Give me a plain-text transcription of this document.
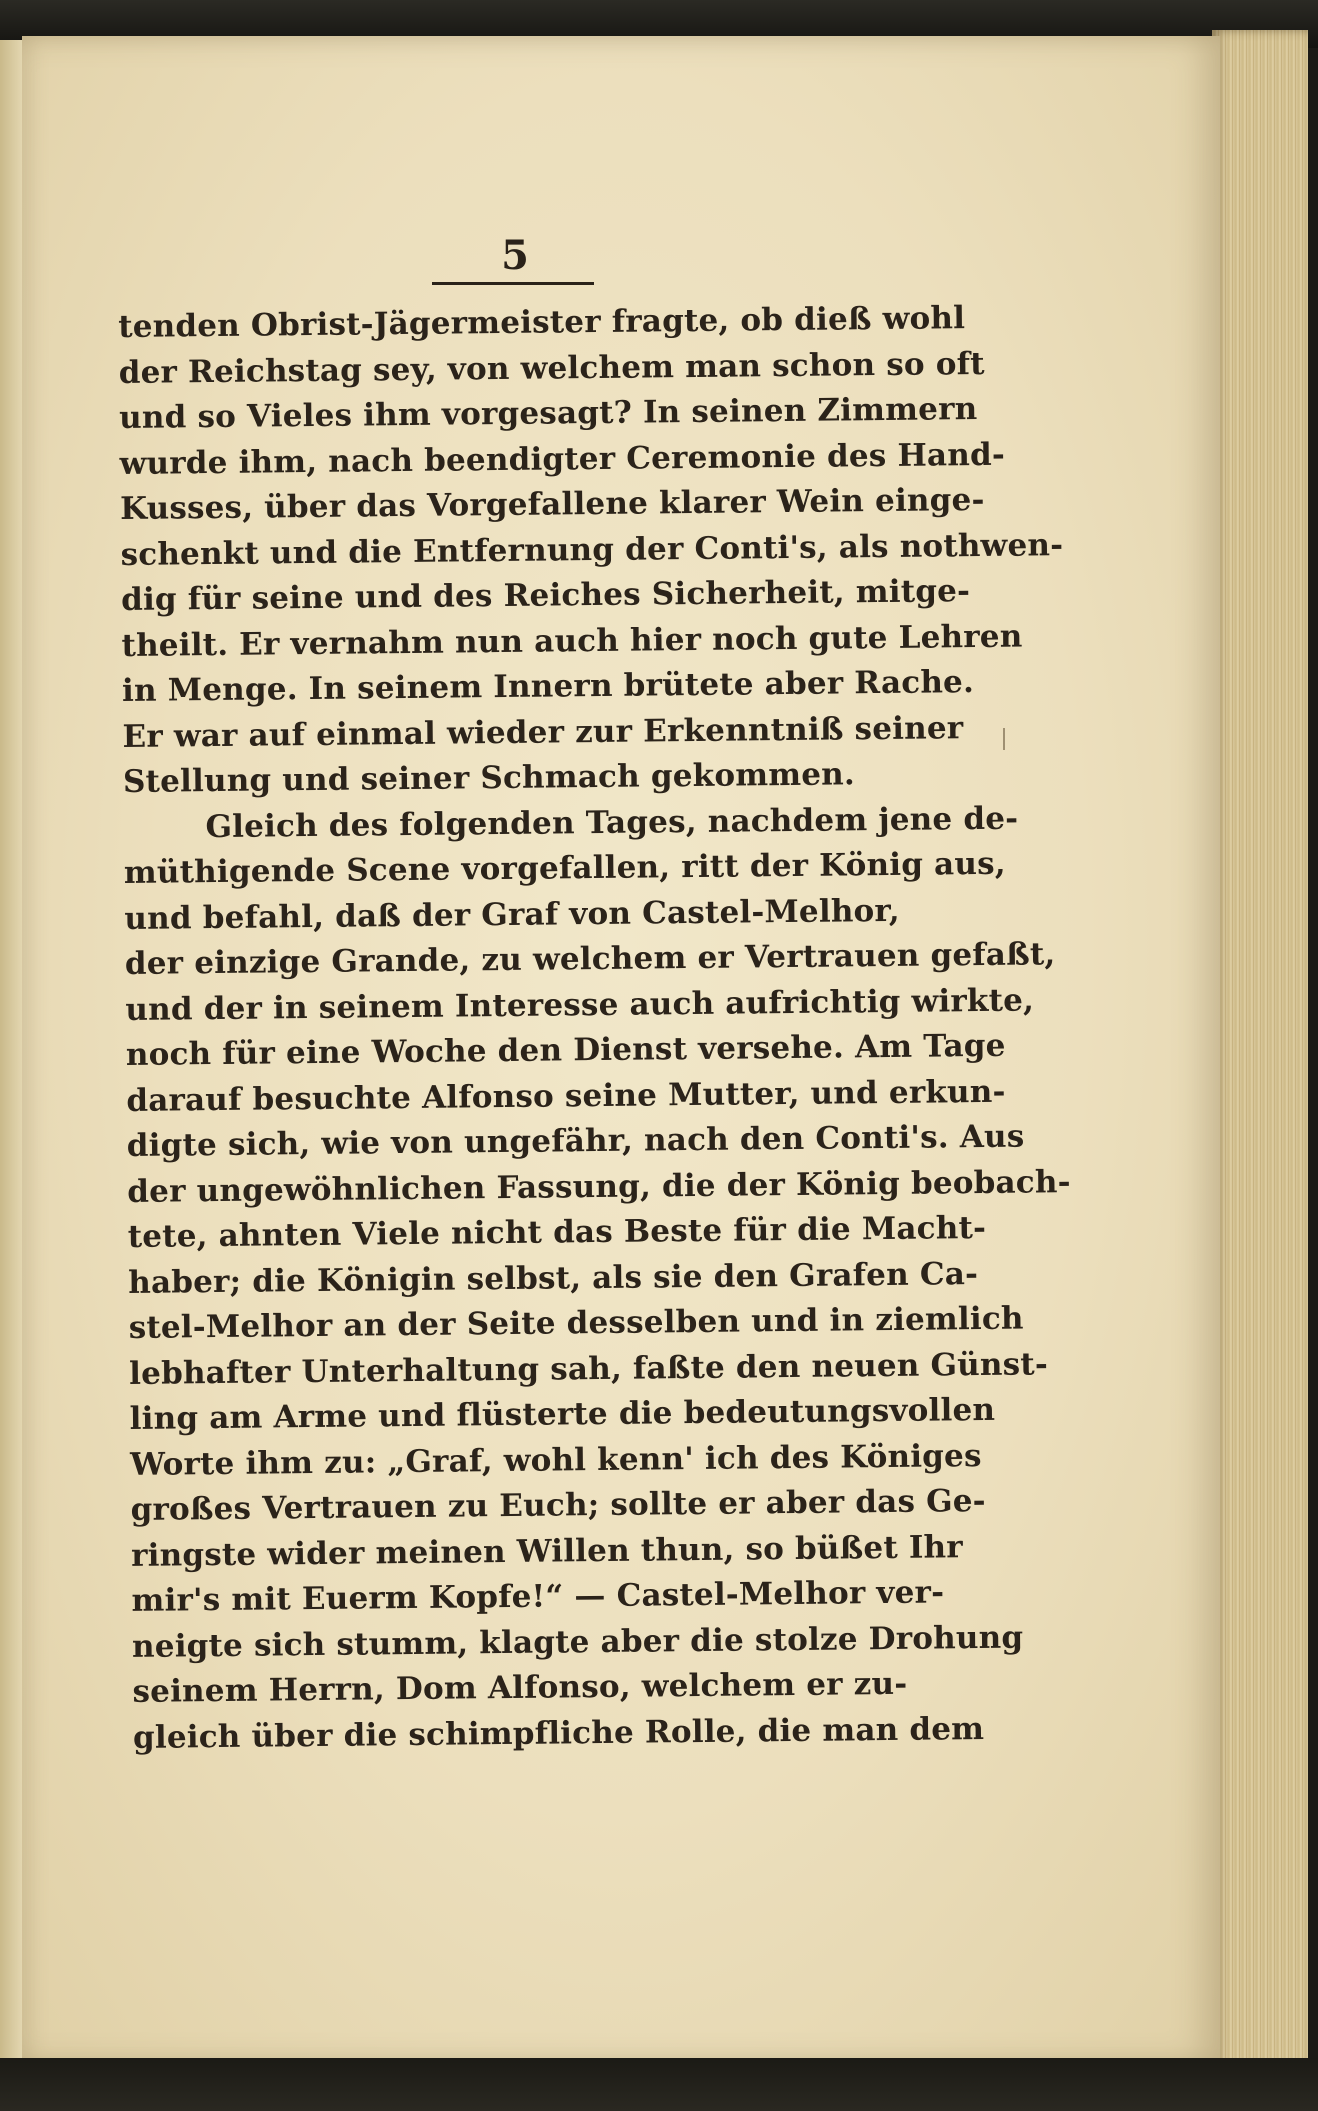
5
tenden Obrist-Jägermeister fragte, ob dieß wohl
der Reichstag sey, von welchem man schon so oft
und so Vieles ihm vorgesagt? In seinen Zimmern
wurde ihm, nach beendigter Ceremonie des Hand-
Kusses, über das Vorgefallene klarer Wein einge-
schenkt und die Entfernung der Conti's, als nothwen-
dig für seine und des Reiches Sicherheit, mitge-
theilt. Er vernahm nun auch hier noch gute Lehren
in Menge. In seinem Innern brütete aber Rache.
Er war auf einmal wieder zur Erkenntniß seiner
Stellung und seiner Schmach gekommen.
Gleich des folgenden Tages, nachdem jene de-
müthigende Scene vorgefallen, ritt der König aus,
und befahl, daß der Graf von Castel-Melhor,
der einzige Grande, zu welchem er Vertrauen gefaßt,
und der in seinem Interesse auch aufrichtig wirkte,
noch für eine Woche den Dienst versehe. Am Tage
darauf besuchte Alfonso seine Mutter, und erkun-
digte sich, wie von ungefähr, nach den Conti's. Aus
der ungewöhnlichen Fassung, die der König beobach-
tete, ahnten Viele nicht das Beste für die Macht-
haber; die Königin selbst, als sie den Grafen Ca-
stel-Melhor an der Seite desselben und in ziemlich
lebhafter Unterhaltung sah, faßte den neuen Günst-
ling am Arme und flüsterte die bedeutungsvollen
Worte ihm zu: „Graf, wohl kenn' ich des Königes
großes Vertrauen zu Euch; sollte er aber das Ge-
ringste wider meinen Willen thun, so büßet Ihr
mir's mit Euerm Kopfe!“ — Castel-Melhor ver-
neigte sich stumm, klagte aber die stolze Drohung
seinem Herrn, Dom Alfonso, welchem er zu-
gleich über die schimpfliche Rolle, die man dem
